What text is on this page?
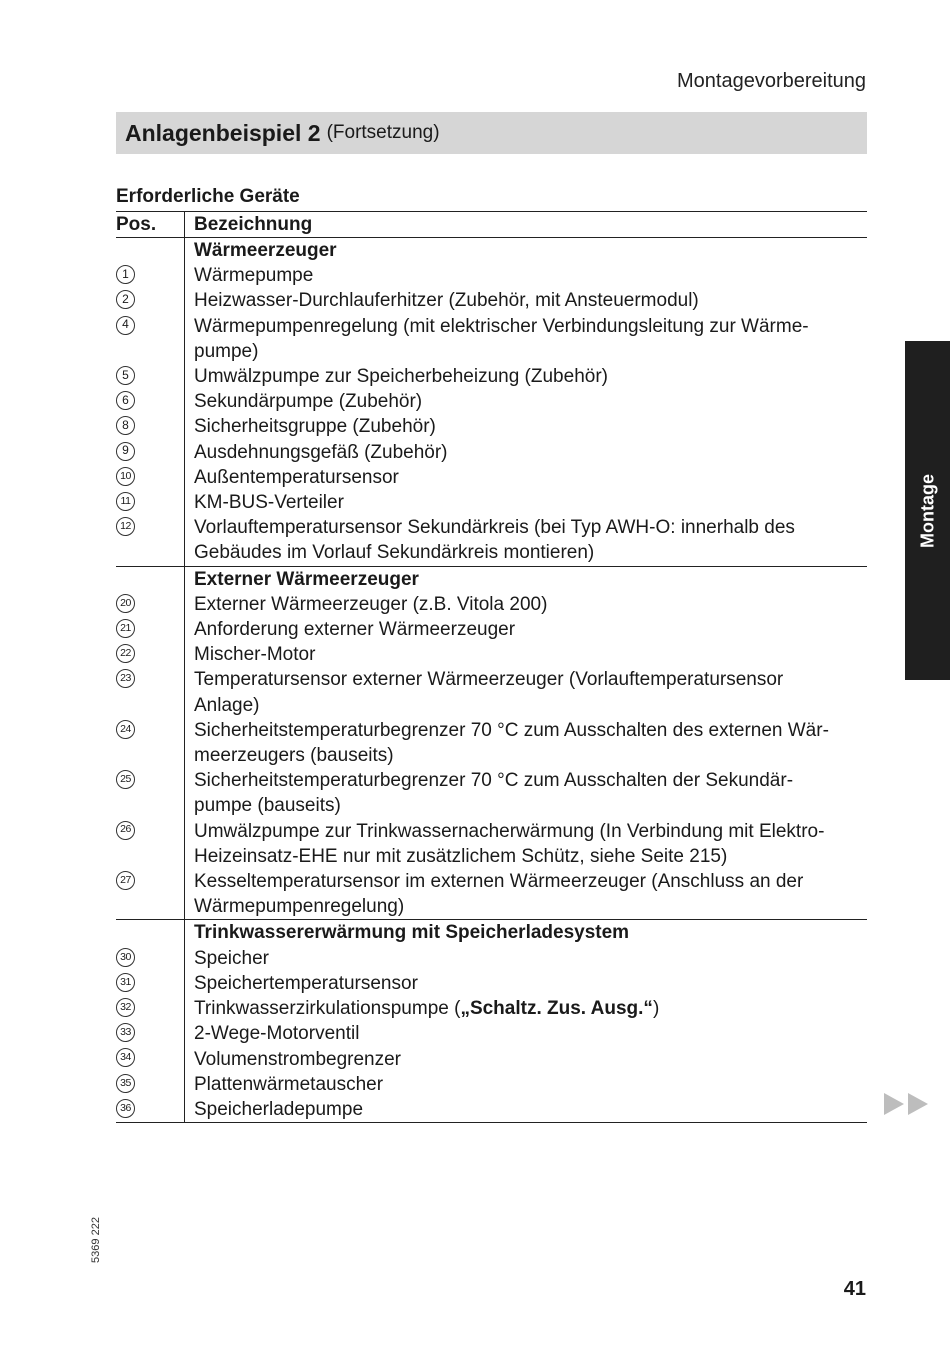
Montagevorbereitung
Anlagenbeispiel 2 (Fortsetzung)
Erforderliche Geräte
Pos.	Bezeichnung
1
2
4
5
6
8
9
10
11
12
Wärmeerzeuger
Wärmepumpe
Heizwasser-Durchlauferhitzer (Zubehör, mit Ansteuermodul)
Wärmepumpenregelung (mit elektrischer Verbindungsleitung zur Wärme-
pumpe)
Umwälzpumpe zur Speicherbeheizung (Zubehör)
Sekundärpumpe (Zubehör)
Sicherheitsgruppe (Zubehör)
Ausdehnungsgefäß (Zubehör)
Außentemperatursensor
KM-BUS-Verteiler
Vorlauftemperatursensor Sekundärkreis (bei Typ AWH-O: innerhalb des
Gebäudes im Vorlauf Sekundärkreis montieren)
20
21
22
23
24
25
26
27
Externer Wärmeerzeuger
Externer Wärmeerzeuger (z.B. Vitola 200)
Anforderung externer Wärmeerzeuger
Mischer-Motor
Temperatursensor externer Wärmeerzeuger (Vorlauftemperatursensor
Anlage)
Sicherheitstemperaturbegrenzer 70 °C zum Ausschalten des externen Wär-
meerzeugers (bauseits)
Sicherheitstemperaturbegrenzer 70 °C zum Ausschalten der Sekundär-
pumpe (bauseits)
Umwälzpumpe zur Trinkwassernacherwärmung (In Verbindung mit Elektro-
Heizeinsatz-EHE nur mit zusätzlichem Schütz, siehe Seite 215)
Kesseltemperatursensor im externen Wärmeerzeuger (Anschluss an der
Wärmepumpenregelung)
30
31
32
33
34
35
36
Trinkwassererwärmung mit Speicherladesystem
Speicher
Speichertemperatursensor
Trinkwasserzirkulationspumpe („Schaltz. Zus. Ausg.“)
2-Wege-Motorventil
Volumenstrombegrenzer
Plattenwärmetauscher
Speicherladepumpe
Montage
5369 222
41
